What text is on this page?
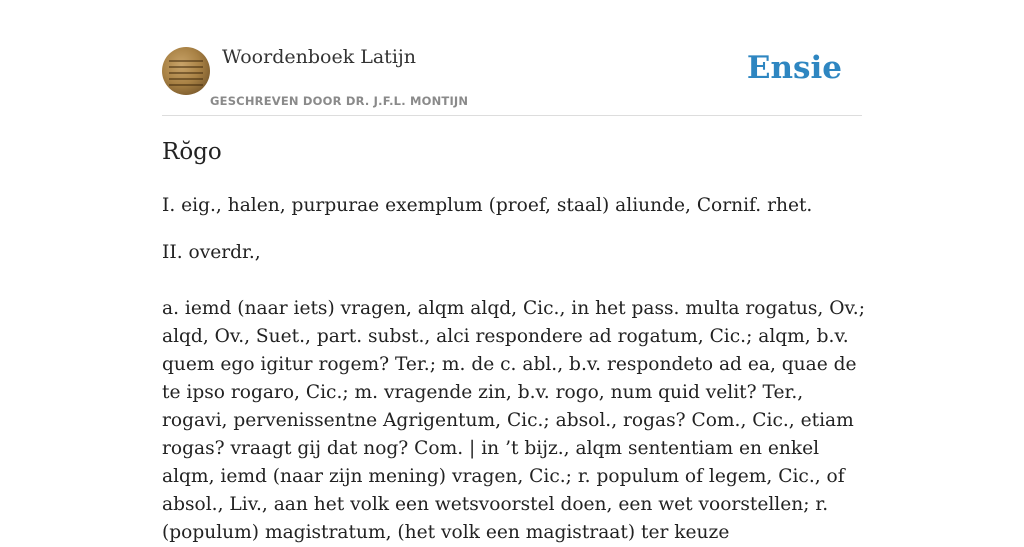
Woordenboek Latijn
GESCHREVEN DOOR DR. J.F.L. MONTIJN
Ensie
Rŏgo

I. eig., halen, purpurae exemplum (proef, staal) aliunde, Cornif. rhet.

II. overdr.,

a. iemd (naar iets) vragen, alqm alqd, Cic., in het pass. multa rogatus, Ov.; alqd, Ov., Suet., part. subst., alci respondere ad rogatum, Cic.; alqm, b.v. quem ego igitur rogem? Ter.; m. de c. abl., b.v. respondeto ad ea, quae de te ipso rogaro, Cic.; m. vragende zin, b.v. rogo, num quid velit? Ter., rogavi, pervenissentne Agrigentum, Cic.; absol., rogas? Com., Cic., etiam rogas? vraagt gij dat nog? Com. | in ’t bijz., alqm sententiam en enkel alqm, iemd (naar zijn mening) vragen, Cic.; r. populum of legem, Cic., of absol., Liv., aan het volk een wetsvoorstel doen, een wet voorstellen; r. (populum) magistratum, (het volk een magistraat) ter keuze
